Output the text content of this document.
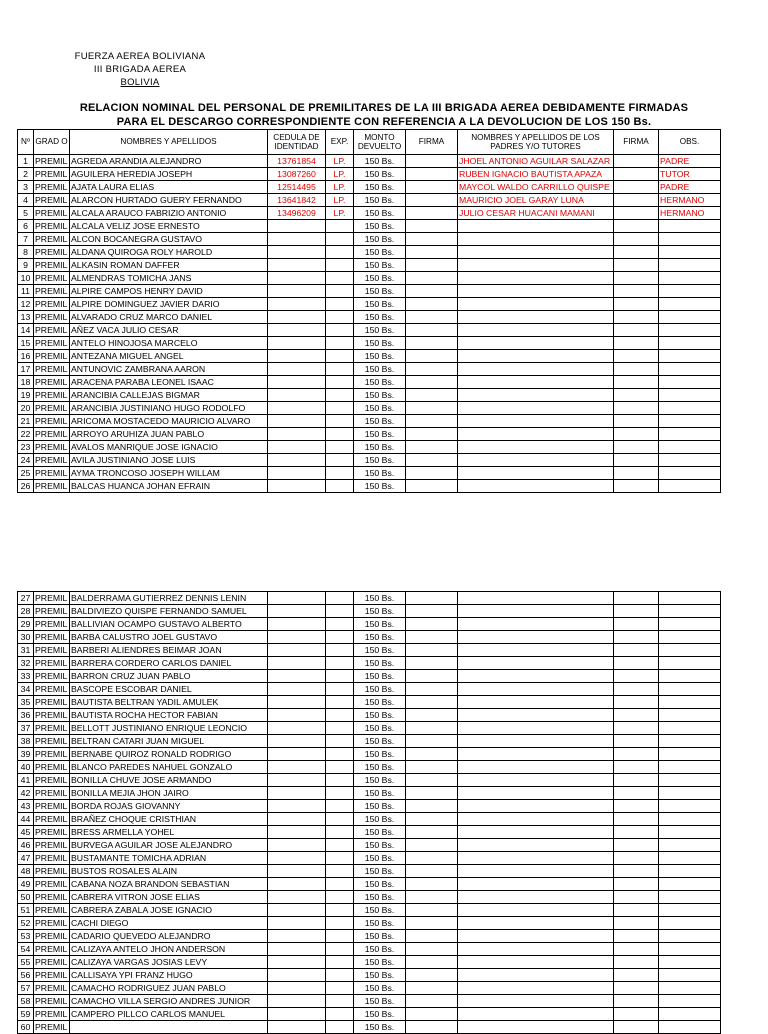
FUERZA AEREA BOLIVIANA
III BRIGADA AEREA
BOLIVIA
RELACION NOMINAL DEL PERSONAL DE PREMILITARES DE LA III BRIGADA AEREA DEBIDAMENTE FIRMADAS
PARA EL DESCARGO CORRESPONDIENTE CON REFERENCIA A LA DEVOLUCION DE LOS 150 Bs.
Nº	GRAD O	NOMBRES Y APELLIDOS	CEDULA DE IDENTIDAD	EXP.	MONTO DEVUELTO	FIRMA	NOMBRES Y APELLIDOS DE LOS PADRES Y/O TUTORES	FIRMA	OBS.
1	PREMIL	AGREDA ARANDIA ALEJANDRO	13761854	LP.	150 Bs.		JHOEL ANTONIO AGUILAR SALAZAR		PADRE
2	PREMIL	AGUILERA HEREDIA JOSEPH	13087260	LP.	150 Bs.		RUBEN IGNACIO BAUTISTA APAZA		TUTOR
3	PREMIL	AJATA LAURA ELIAS	12514495	LP.	150 Bs.		MAYCOL WALDO CARRILLO QUISPE		PADRE
4	PREMIL	ALARCON HURTADO GUERY FERNANDO	13641842	LP.	150 Bs.		MAURICIO JOEL GARAY LUNA		HERMANO
5	PREMIL	ALCALA ARAUCO FABRIZIO ANTONIO	13496209	LP.	150 Bs.		JULIO CESAR HUACANI MAMANI		HERMANO
6	PREMIL	ALCALA VELIZ JOSE ERNESTO			150 Bs.				
7	PREMIL	ALCON BOCANEGRA GUSTAVO			150 Bs.				
8	PREMIL	ALDANA QUIROGA ROLY HAROLD			150 Bs.				
9	PREMIL	ALKASIN ROMAN DAFFER			150 Bs.				
10	PREMIL	ALMENDRAS TOMICHA JANS			150 Bs.				
11	PREMIL	ALPIRE CAMPOS HENRY DAVID			150 Bs.				
12	PREMIL	ALPIRE DOMINGUEZ JAVIER DARIO			150 Bs.				
13	PREMIL	ALVARADO CRUZ MARCO DANIEL			150 Bs.				
14	PREMIL	AÑEZ VACA JULIO CESAR			150 Bs.				
15	PREMIL	ANTELO HINOJOSA MARCELO			150 Bs.				
16	PREMIL	ANTEZANA MIGUEL ANGEL			150 Bs.				
17	PREMIL	ANTUNOVIC ZAMBRANA AARON			150 Bs.				
18	PREMIL	ARACENA PARABA LEONEL ISAAC			150 Bs.				
19	PREMIL	ARANCIBIA CALLEJAS BIGMAR			150 Bs.				
20	PREMIL	ARANCIBIA JUSTINIANO HUGO RODOLFO			150 Bs.				
21	PREMIL	ARICOMA MOSTACEDO MAURICIO ALVARO			150 Bs.				
22	PREMIL	ARROYO ARUHIZA JUAN PABLO			150 Bs.				
23	PREMIL	AVALOS MANRIQUE JOSE IGNACIO			150 Bs.				
24	PREMIL	AVILA JUSTINIANO JOSE LUIS			150 Bs.				
25	PREMIL	AYMA TRONCOSO JOSEPH WILLAM			150 Bs.				
26	PREMIL	BALCAS HUANCA JOHAN EFRAIN			150 Bs.				
27	PREMIL	BALDERRAMA GUTIERREZ DENNIS LENIN			150 Bs.				
28	PREMIL	BALDIVIEZO QUISPE FERNANDO SAMUEL			150 Bs.				
29	PREMIL	BALLIVIAN OCAMPO GUSTAVO ALBERTO			150 Bs.				
30	PREMIL	BARBA CALUSTRO JOEL GUSTAVO			150 Bs.				
31	PREMIL	BARBERI ALIENDRES BEIMAR JOAN			150 Bs.				
32	PREMIL	BARRERA CORDERO CARLOS DANIEL			150 Bs.				
33	PREMIL	BARRON CRUZ JUAN PABLO			150 Bs.				
34	PREMIL	BASCOPE ESCOBAR DANIEL			150 Bs.				
35	PREMIL	BAUTISTA BELTRAN YADIL AMULEK			150 Bs.				
36	PREMIL	BAUTISTA ROCHA HECTOR FABIAN			150 Bs.				
37	PREMIL	BELLOTT JUSTINIANO ENRIQUE LEONCIO			150 Bs.				
38	PREMIL	BELTRAN CATARI JUAN MIGUEL			150 Bs.				
39	PREMIL	BERNABE QUIROZ RONALD RODRIGO			150 Bs.				
40	PREMIL	BLANCO PAREDES NAHUEL GONZALO			150 Bs.				
41	PREMIL	BONILLA CHUVE JOSE ARMANDO			150 Bs.				
42	PREMIL	BONILLA MEJIA JHON JAIRO			150 Bs.				
43	PREMIL	BORDA ROJAS GIOVANNY			150 Bs.				
44	PREMIL	BRAÑEZ CHOQUE CRISTHIAN			150 Bs.				
45	PREMIL	BRESS ARMELLA YOHEL			150 Bs.				
46	PREMIL	BURVEGA AGUILAR JOSE ALEJANDRO			150 Bs.				
47	PREMIL	BUSTAMANTE TOMICHA ADRIAN			150 Bs.				
48	PREMIL	BUSTOS ROSALES ALAIN			150 Bs.				
49	PREMIL	CABANA NOZA BRANDON SEBASTIAN			150 Bs.				
50	PREMIL	CABRERA VITRON JOSE ELIAS			150 Bs.				
51	PREMIL	CABRERA ZABALA JOSE IGNACIO			150 Bs.				
52	PREMIL	CACHI DIEGO			150 Bs.				
53	PREMIL	CADARIO QUEVEDO ALEJANDRO			150 Bs.				
54	PREMIL	CALIZAYA ANTELO JHON ANDERSON			150 Bs.				
55	PREMIL	CALIZAYA VARGAS JOSIAS LEVY			150 Bs.				
56	PREMIL	CALLISAYA YPI FRANZ HUGO			150 Bs.				
57	PREMIL	CAMACHO RODRIGUEZ JUAN PABLO			150 Bs.				
58	PREMIL	CAMACHO VILLA SERGIO ANDRES JUNIOR			150 Bs.				
59	PREMIL	CAMPERO PILLCO CARLOS MANUEL			150 Bs.				
60	PREMIL				150 Bs.				
